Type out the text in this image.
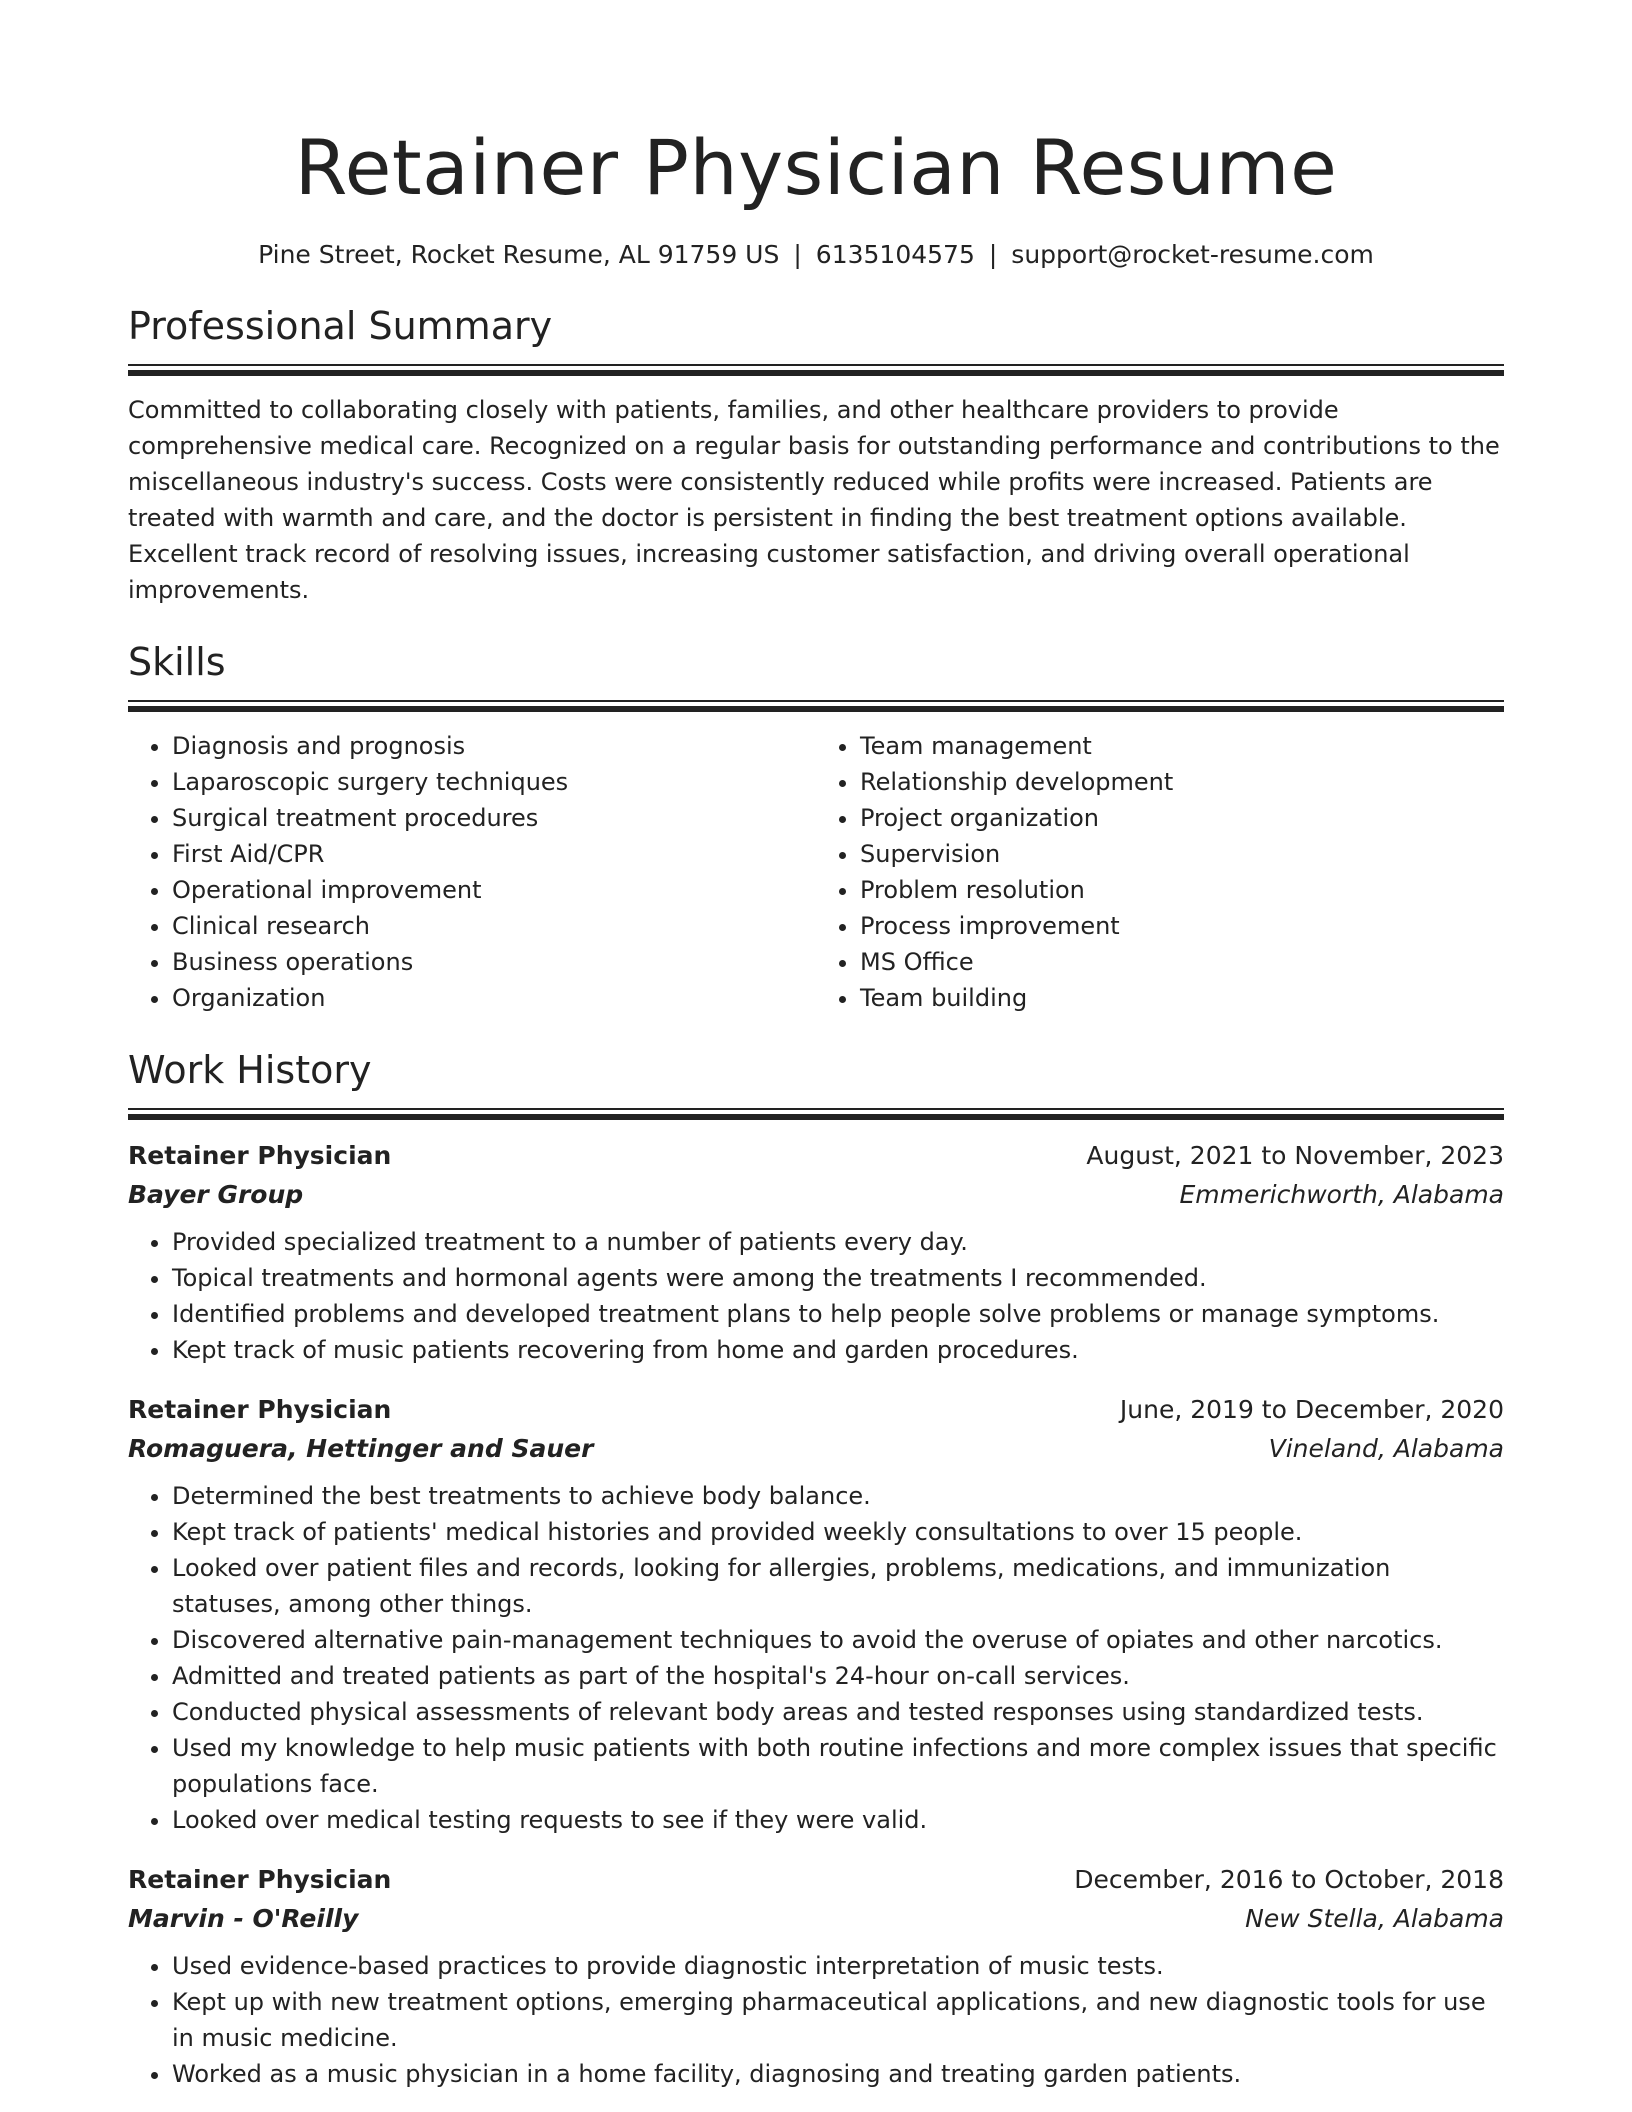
Retainer Physician Resume
Pine Street, Rocket Resume, AL 91759 US | 6135104575 | support@rocket-resume.com
Professional Summary

Committed to collaborating closely with patients, families, and other healthcare providers to provide comprehensive medical care. Recognized on a regular basis for outstanding performance and contributions to the miscellaneous industry's success. Costs were consistently reduced while profits were increased. Patients are treated with warmth and care, and the doctor is persistent in finding the best treatment options available. Excellent track record of resolving issues, increasing customer satisfaction, and driving overall operational improvements.

Skills
• Diagnosis and prognosis
• Laparoscopic surgery techniques
• Surgical treatment procedures
• First Aid/CPR
• Operational improvement
• Clinical research
• Business operations
• Organization
• Team management
• Relationship development
• Project organization
• Supervision
• Problem resolution
• Process improvement
• MS Office
• Team building
Work History
Retainer Physician	August, 2021 to November, 2023
Bayer Group	Emmerichworth, Alabama
• Provided specialized treatment to a number of patients every day.
• Topical treatments and hormonal agents were among the treatments I recommended.
• Identified problems and developed treatment plans to help people solve problems or manage symptoms.
• Kept track of music patients recovering from home and garden procedures.
Retainer Physician	June, 2019 to December, 2020
Romaguera, Hettinger and Sauer	Vineland, Alabama
• Determined the best treatments to achieve body balance.
• Kept track of patients' medical histories and provided weekly consultations to over 15 people.
• Looked over patient files and records, looking for allergies, problems, medications, and immunization statuses, among other things.
• Discovered alternative pain-management techniques to avoid the overuse of opiates and other narcotics.
• Admitted and treated patients as part of the hospital's 24-hour on-call services.
• Conducted physical assessments of relevant body areas and tested responses using standardized tests.
• Used my knowledge to help music patients with both routine infections and more complex issues that specific populations face.
• Looked over medical testing requests to see if they were valid.
Retainer Physician	December, 2016 to October, 2018
Marvin - O'Reilly	New Stella, Alabama
• Used evidence-based practices to provide diagnostic interpretation of music tests.
• Kept up with new treatment options, emerging pharmaceutical applications, and new diagnostic tools for use in music medicine.
• Worked as a music physician in a home facility, diagnosing and treating garden patients.
